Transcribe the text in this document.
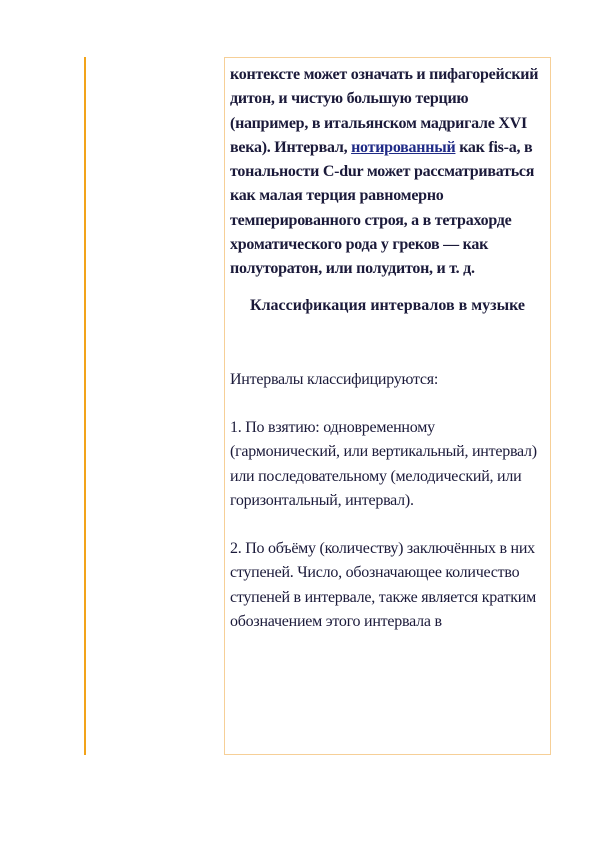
контексте может означать и пифагорейский дитон, и чистую большую терцию (например, в итальянском мадригале XVI века). Интервал, нотированный как fis-a, в тональности C-dur может рассматриваться как малая терция равномерно темперированного строя, а в тетрахорде хроматического рода у греков — как полуторатон, или полудитон, и т. д.

Классификация интервалов в музыке

Интервалы классифицируются:

1. По взятию: одновременному (гармонический, или вертикальный, интервал) или последовательному (мелодический, или горизонтальный, интервал).

2. По объёму (количеству) заключённых в них ступеней. Число, обозначающее количество ступеней в интервале, также является кратким обозначением этого интервала в
